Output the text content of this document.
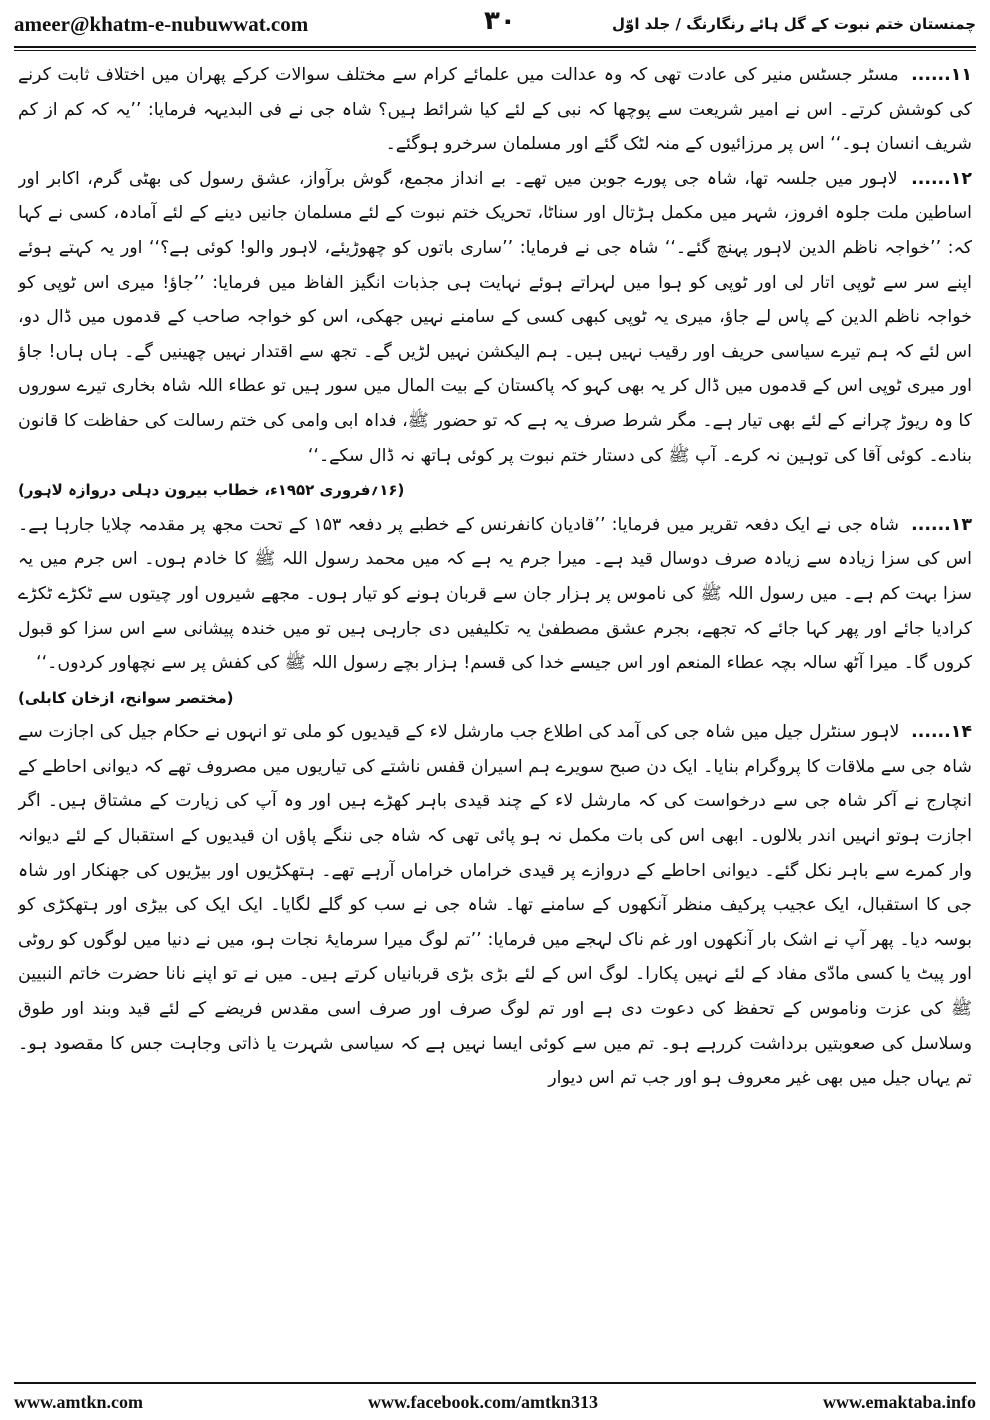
ameer@khatm-e-nubuwwat.com	۳۰	چمنستان ختم نبوت کے گل ہائے رنگارنگ / جلد اوّل

۱۱...... مسٹر جسٹس منیر کی عادت تھی کہ وہ عدالت میں علمائے کرام سے مختلف سوالات کرکے پھران میں اختلاف ثابت کرنے کی کوشش کرتے۔ اس نے امیر شریعت سے پوچھا کہ نبی کے لئے کیا شرائط ہیں؟ شاہ جی نے فی البدیہہ فرمایا: ’’یہ کہ کم از کم شریف انسان ہو۔‘‘ اس پر مرزائیوں کے منہ لٹک گئے اور مسلمان سرخرو ہوگئے۔

۱۲...... لاہور میں جلسہ تھا، شاہ جی پورے جوبن میں تھے۔ بے انداز مجمع، گوش برآواز، عشق رسول کی بھٹی گرم، اکابر اور اساطین ملت جلوہ افروز، شہر میں مکمل ہڑتال اور سناٹا، تحریک ختم نبوت کے لئے مسلمان جانیں دینے کے لئے آمادہ، کسی نے کہا کہ: ’’خواجہ ناظم الدین لاہور پہنچ گئے۔‘‘ شاہ جی نے فرمایا: ’’ساری باتوں کو چھوڑیئے، لاہور والو! کوئی ہے؟‘‘ اور یہ کہتے ہوئے اپنے سر سے ٹوپی اتار لی اور ٹوپی کو ہوا میں لہراتے ہوئے نہایت ہی جذبات انگیز الفاظ میں فرمایا: ’’جاؤ! میری اس ٹوپی کو خواجہ ناظم الدین کے پاس لے جاؤ، میری یہ ٹوپی کبھی کسی کے سامنے نہیں جھکی، اس کو خواجہ صاحب کے قدموں میں ڈال دو، اس لئے کہ ہم تیرے سیاسی حریف اور رقیب نہیں ہیں۔ ہم الیکشن نہیں لڑیں گے۔ تجھ سے اقتدار نہیں چھینیں گے۔ ہاں ہاں! جاؤ اور میری ٹوپی اس کے قدموں میں ڈال کر یہ بھی کہو کہ پاکستان کے بیت المال میں سور ہیں تو عطاء اللہ شاہ بخاری تیرے سوروں کا وہ ریوڑ چرانے کے لئے بھی تیار ہے۔ مگر شرط صرف یہ ہے کہ تو حضور ﷺ، فداہ ابی وامی کی ختم رسالت کی حفاظت کا قانون بنادے۔ کوئی آقا کی توہین نہ کرے۔ آپ ﷺ کی دستار ختم نبوت پر کوئی ہاتھ نہ ڈال سکے۔‘‘

(۱۶؍فروری ۱۹۵۲ء، خطاب بیرون دہلی دروازہ لاہور)

۱۳...... شاہ جی نے ایک دفعہ تقریر میں فرمایا: ’’قادیان کانفرنس کے خطبے پر دفعہ ۱۵۳ کے تحت مجھ پر مقدمہ چلایا جارہا ہے۔ اس کی سزا زیادہ سے زیادہ صرف دوسال قید ہے۔ میرا جرم یہ ہے کہ میں محمد رسول اللہ ﷺ کا خادم ہوں۔ اس جرم میں یہ سزا بہت کم ہے۔ میں رسول اللہ ﷺ کی ناموس پر ہزار جان سے قربان ہونے کو تیار ہوں۔ مجھے شیروں اور چیتوں سے ٹکڑے ٹکڑے کرادیا جائے اور پھر کہا جائے کہ تجھے، بجرم عشق مصطفیٰ یہ تکلیفیں دی جارہی ہیں تو میں خندہ پیشانی سے اس سزا کو قبول کروں گا۔ میرا آٹھ سالہ بچہ عطاء المنعم اور اس جیسے خدا کی قسم! ہزار بچے رسول اللہ ﷺ کی کفش پر سے نچھاور کردوں۔‘‘

(مختصر سوانح، ازخان کابلی)

۱۴...... لاہور سنٹرل جیل میں شاہ جی کی آمد کی اطلاع جب مارشل لاء کے قیدیوں کو ملی تو انہوں نے حکام جیل کی اجازت سے شاہ جی سے ملاقات کا پروگرام بنایا۔ ایک دن صبح سویرے ہم اسیران قفس ناشتے کی تیاریوں میں مصروف تھے کہ دیوانی احاطے کے انچارج نے آکر شاہ جی سے درخواست کی کہ مارشل لاء کے چند قیدی باہر کھڑے ہیں اور وہ آپ کی زیارت کے مشتاق ہیں۔ اگر اجازت ہوتو انہیں اندر بلالوں۔ ابھی اس کی بات مکمل نہ ہو پائی تھی کہ شاہ جی ننگے پاؤں ان قیدیوں کے استقبال کے لئے دیوانہ وار کمرے سے باہر نکل گئے۔ دیوانی احاطے کے دروازے پر قیدی خراماں خراماں آرہے تھے۔ ہتھکڑیوں اور بیڑیوں کی جھنکار اور شاہ جی کا استقبال، ایک عجیب پرکیف منظر آنکھوں کے سامنے تھا۔ شاہ جی نے سب کو گلے لگایا۔ ایک ایک کی بیڑی اور ہتھکڑی کو بوسہ دیا۔ پھر آپ نے اشک بار آنکھوں اور غم ناک لہجے میں فرمایا: ’’تم لوگ میرا سرمایۂ نجات ہو، میں نے دنیا میں لوگوں کو روٹی اور پیٹ یا کسی مادّی مفاد کے لئے نہیں پکارا۔ لوگ اس کے لئے بڑی بڑی قربانیاں کرتے ہیں۔ میں نے تو اپنے نانا حضرت خاتم النبیین ﷺ کی عزت وناموس کے تحفظ کی دعوت دی ہے اور تم لوگ صرف اور صرف اسی مقدس فریضے کے لئے قید وبند اور طوق وسلاسل کی صعوبتیں برداشت کررہے ہو۔ تم میں سے کوئی ایسا نہیں ہے کہ سیاسی شہرت یا ذاتی وجاہت جس کا مقصود ہو۔ تم یہاں جیل میں بھی غیر معروف ہو اور جب تم اس دیوار

www.amtkn.com	www.facebook.com/amtkn313	www.emaktaba.info
